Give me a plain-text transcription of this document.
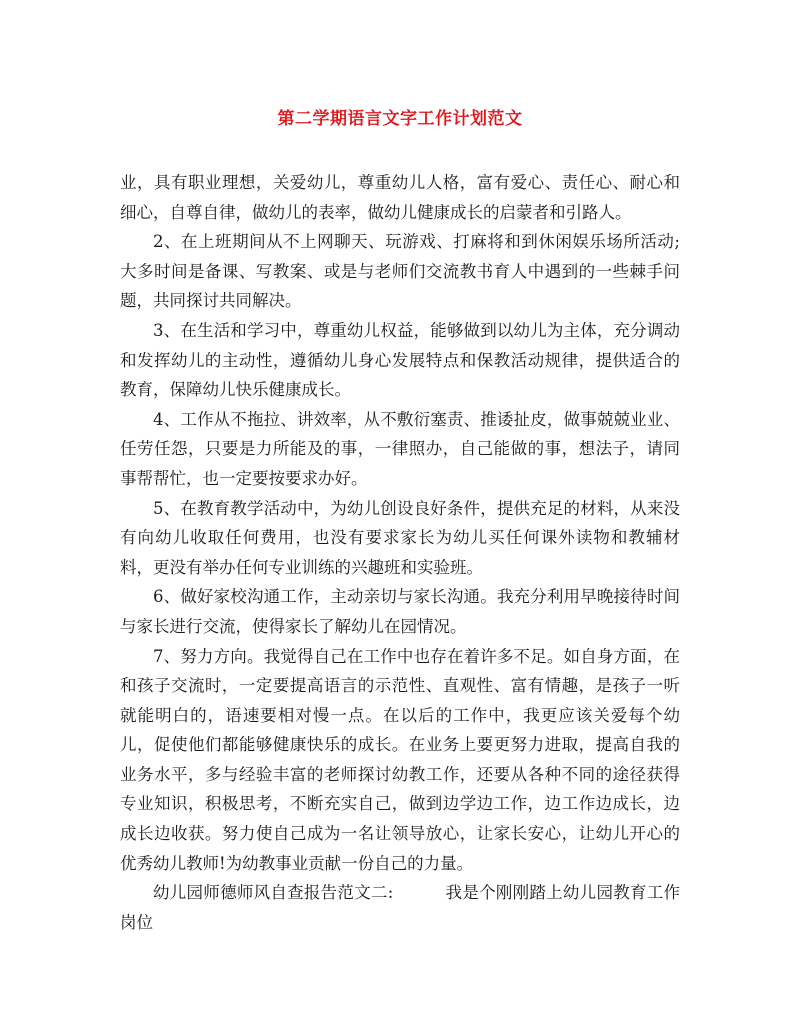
第二学期语言文字工作计划范文

业，具有职业理想，关爱幼儿，尊重幼儿人格，富有爱心、责任心、耐心和细心，自尊自律，做幼儿的表率，做幼儿健康成长的启蒙者和引路人。

2、在上班期间从不上网聊天、玩游戏、打麻将和到休闲娱乐场所活动;大多时间是备课、写教案、或是与老师们交流教书育人中遇到的一些棘手问题，共同探讨共同解决。

3、在生活和学习中，尊重幼儿权益，能够做到以幼儿为主体，充分调动和发挥幼儿的主动性，遵循幼儿身心发展特点和保教活动规律，提供适合的教育，保障幼儿快乐健康成长。

4、工作从不拖拉、讲效率，从不敷衍塞责、推诿扯皮，做事兢兢业业、任劳任怨，只要是力所能及的事，一律照办，自己能做的事，想法子，请同事帮帮忙，也一定要按要求办好。

5、在教育教学活动中，为幼儿创设良好条件，提供充足的材料，从来没有向幼儿收取任何费用，也没有要求家长为幼儿买任何课外读物和教辅材料，更没有举办任何专业训练的兴趣班和实验班。

6、做好家校沟通工作，主动亲切与家长沟通。我充分利用早晚接待时间与家长进行交流，使得家长了解幼儿在园情况。

7、努力方向。我觉得自己在工作中也存在着许多不足。如自身方面，在和孩子交流时，一定要提高语言的示范性、直观性、富有情趣，是孩子一听就能明白的，语速要相对慢一点。在以后的工作中，我更应该关爱每个幼儿，促使他们都能够健康快乐的成长。在业务上要更努力进取，提高自我的业务水平，多与经验丰富的老师探讨幼教工作，还要从各种不同的途径获得专业知识，积极思考，不断充实自己，做到边学边工作，边工作边成长，边成长边收获。努力使自己成为一名让领导放心，让家长安心，让幼儿开心的优秀幼儿教师!为幼教事业贡献一份自己的力量。

幼儿园师德师风自查报告范文二:	我是个刚刚踏上幼儿园教育工作岗位
